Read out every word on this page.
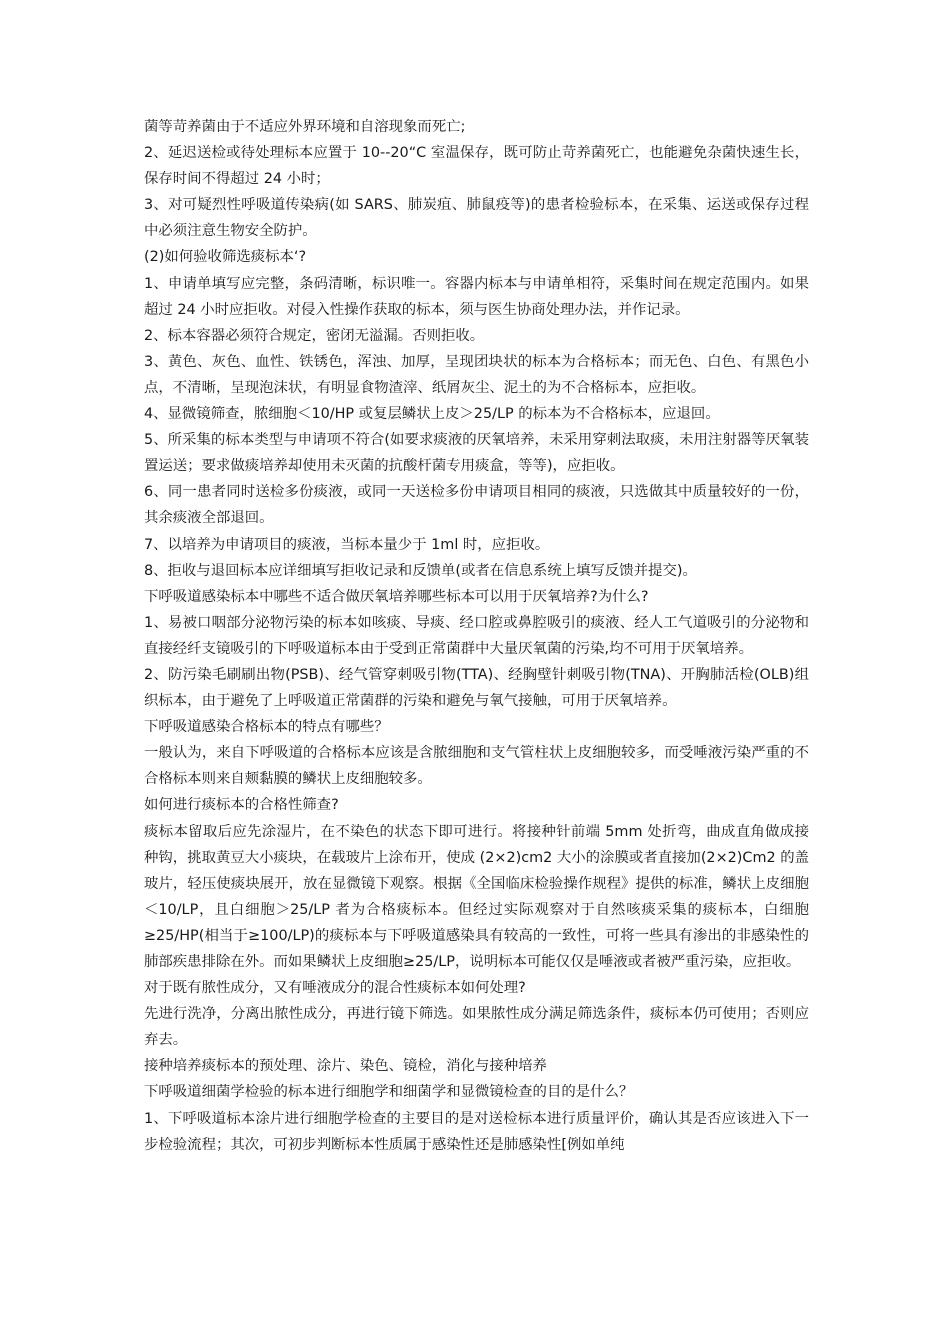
菌等苛养菌由于不适应外界环境和自溶现象而死亡;

2、延迟送检或待处理标本应置于 10--20“C 室温保存，既可防止苛养菌死亡，也能避免杂菌快速生长，保存时间不得超过 24 小时；

3、对可疑烈性呼吸道传染病(如 SARS、肺炭疽、肺鼠疫等)的患者检验标本，在采集、运送或保存过程中必须注意生物安全防护。

(2)如何验收筛选痰标本‘?

1、申请单填写应完整，条码清晰，标识唯一。容器内标本与申请单相符，采集时间在规定范围内。如果超过 24 小时应拒收。对侵入性操作获取的标本，须与医生协商处理办法，并作记录。

2、标本容器必须符合规定，密闭无溢漏。否则拒收。

3、黄色、灰色、血性、铁锈色，浑浊、加厚，呈现团块状的标本为合格标本；而无色、白色、有黑色小点，不清晰，呈现泡沫状，有明显食物渣滓、纸屑灰尘、泥土的为不合格标本，应拒收。

4、显微镜筛查，脓细胞＜10/HP 或复层鳞状上皮＞25/LP 的标本为不合格标本，应退回。

5、所采集的标本类型与申请项不符合(如要求痰液的厌氧培养，未采用穿刺法取痰，未用注射器等厌氧装置运送；要求做痰培养却使用未灭菌的抗酸杆菌专用痰盒，等等)，应拒收。

6、同一患者同时送检多份痰液，或同一天送检多份申请项目相同的痰液，只选做其中质量较好的一份，其余痰液全部退回。

7、以培养为申请项目的痰液，当标本量少于 1ml 时，应拒收。

8、拒收与退回标本应详细填写拒收记录和反馈单(或者在信息系统上填写反馈并提交)。

下呼吸道感染标本中哪些不适合做厌氧培养哪些标本可以用于厌氧培养?为什么?

1、易被口咽部分泌物污染的标本如咳痰、导痰、经口腔或鼻腔吸引的痰液、经人工气道吸引的分泌物和直接经纤支镜吸引的下呼吸道标本由于受到正常菌群中大量厌氧菌的污染,均不可用于厌氧培养。

2、防污染毛刷刷出物(PSB)、经气管穿刺吸引物(TTA)、经胸壁针刺吸引物(TNA)、开胸肺活检(OLB)组织标本，由于避免了上呼吸道正常菌群的污染和避免与氧气接触，可用于厌氧培养。

下呼吸道感染合格标本的特点有哪些？

一般认为，来自下呼吸道的合格标本应该是含脓细胞和支气管柱状上皮细胞较多，而受唾液污染严重的不合格标本则来自颊黏膜的鳞状上皮细胞较多。

如何进行痰标本的合格性筛查?

痰标本留取后应先涂湿片，在不染色的状态下即可进行。将接种针前端 5mm 处折弯，曲成直角做成接种钩，挑取黄豆大小痰块，在载玻片上涂布开，使成 (2×2)cm2 大小的涂膜或者直接加(2×2)Cm2 的盖玻片，轻压使痰块展开，放在显微镜下观察。根据《全国临床检验操作规程》提供的标准，鳞状上皮细胞＜10/LP，且白细胞＞25/LP 者为合格痰标本。但经过实际观察对于自然咳痰采集的痰标本，白细胞≥25/HP(相当于≥100/LP)的痰标本与下呼吸道感染具有较高的一致性，可将一些具有渗出的非感染性的肺部疾患排除在外。而如果鳞状上皮细胞≥25/LP，说明标本可能仅仅是唾液或者被严重污染，应拒收。

对于既有脓性成分，又有唾液成分的混合性痰标本如何处理?

先进行洗净，分离出脓性成分，再进行镜下筛选。如果脓性成分满足筛选条件，痰标本仍可使用；否则应弃去。

接种培养痰标本的预处理、涂片、染色、镜检，消化与接种培养

下呼吸道细菌学检验的标本进行细胞学和细菌学和显微镜检查的目的是什么？

1、下呼吸道标本涂片进行细胞学检查的主要目的是对送检标本进行质量评价，确认其是否应该进入下一步检验流程；其次，可初步判断标本性质属于感染性还是肺感染性[例如单纯
